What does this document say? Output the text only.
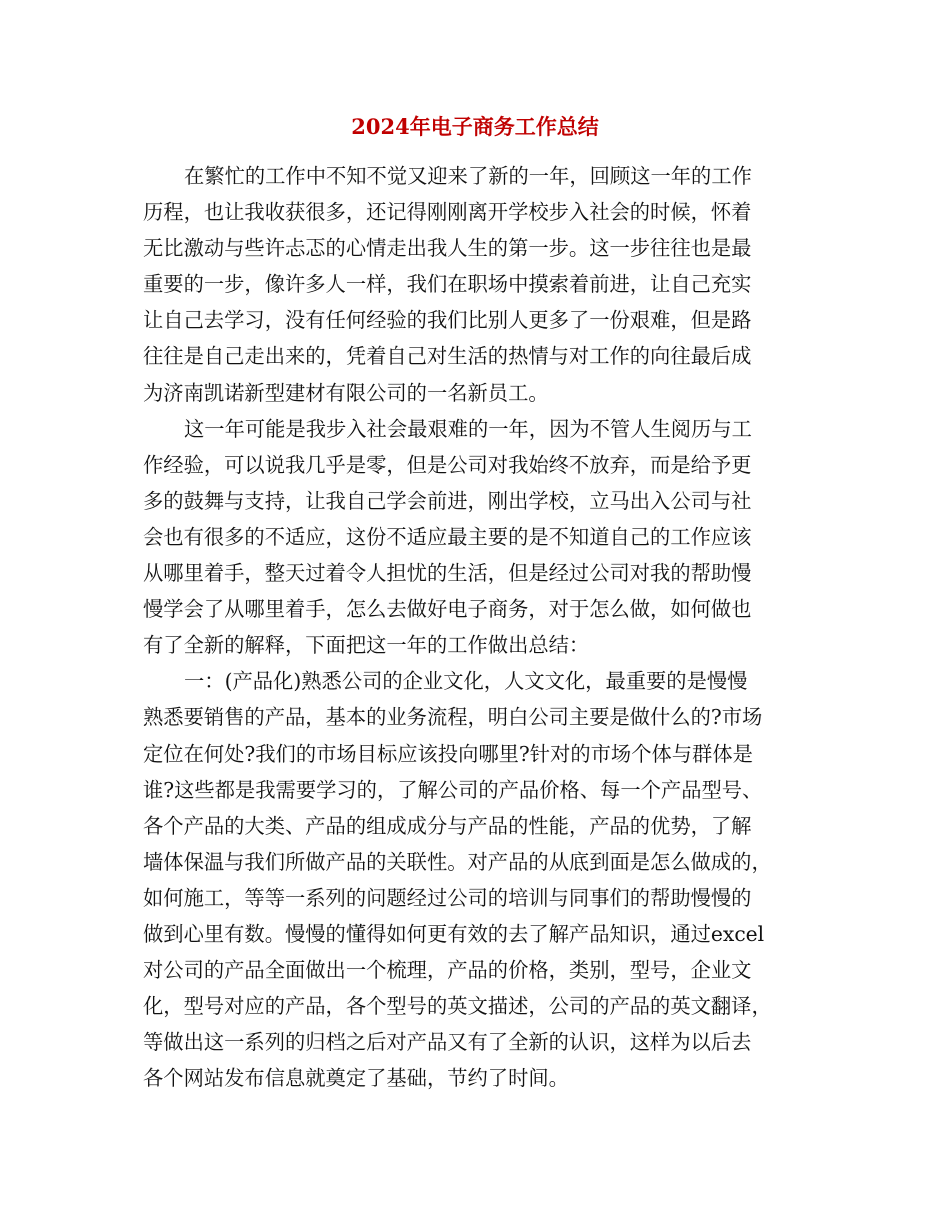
2024年电子商务工作总结
在繁忙的工作中不知不觉又迎来了新的一年，回顾这一年的工作
历程，也让我收获很多，还记得刚刚离开学校步入社会的时候，怀着
无比激动与些许忐忑的心情走出我人生的第一步。这一步往往也是最
重要的一步，像许多人一样，我们在职场中摸索着前进，让自己充实
让自己去学习，没有任何经验的我们比别人更多了一份艰难，但是路
往往是自己走出来的，凭着自己对生活的热情与对工作的向往最后成
为济南凯诺新型建材有限公司的一名新员工。
这一年可能是我步入社会最艰难的一年，因为不管人生阅历与工
作经验，可以说我几乎是零，但是公司对我始终不放弃，而是给予更
多的鼓舞与支持，让我自己学会前进，刚出学校，立马出入公司与社
会也有很多的不适应，这份不适应最主要的是不知道自己的工作应该
从哪里着手，整天过着令人担忧的生活，但是经过公司对我的帮助慢
慢学会了从哪里着手，怎么去做好电子商务，对于怎么做，如何做也
有了全新的解释，下面把这一年的工作做出总结：
一：(产品化)熟悉公司的企业文化，人文文化，最重要的是慢慢
熟悉要销售的产品，基本的业务流程，明白公司主要是做什么的?市场
定位在何处?我们的市场目标应该投向哪里?针对的市场个体与群体是
谁?这些都是我需要学习的，了解公司的产品价格、每一个产品型号、
各个产品的大类、产品的组成成分与产品的性能，产品的优势，了解
墙体保温与我们所做产品的关联性。对产品的从底到面是怎么做成的，
如何施工，等等一系列的问题经过公司的培训与同事们的帮助慢慢的
做到心里有数。慢慢的懂得如何更有效的去了解产品知识，通过excel
对公司的产品全面做出一个梳理，产品的价格，类别，型号，企业文
化，型号对应的产品，各个型号的英文描述，公司的产品的英文翻译，
等做出这一系列的归档之后对产品又有了全新的认识，这样为以后去
各个网站发布信息就奠定了基础，节约了时间。
